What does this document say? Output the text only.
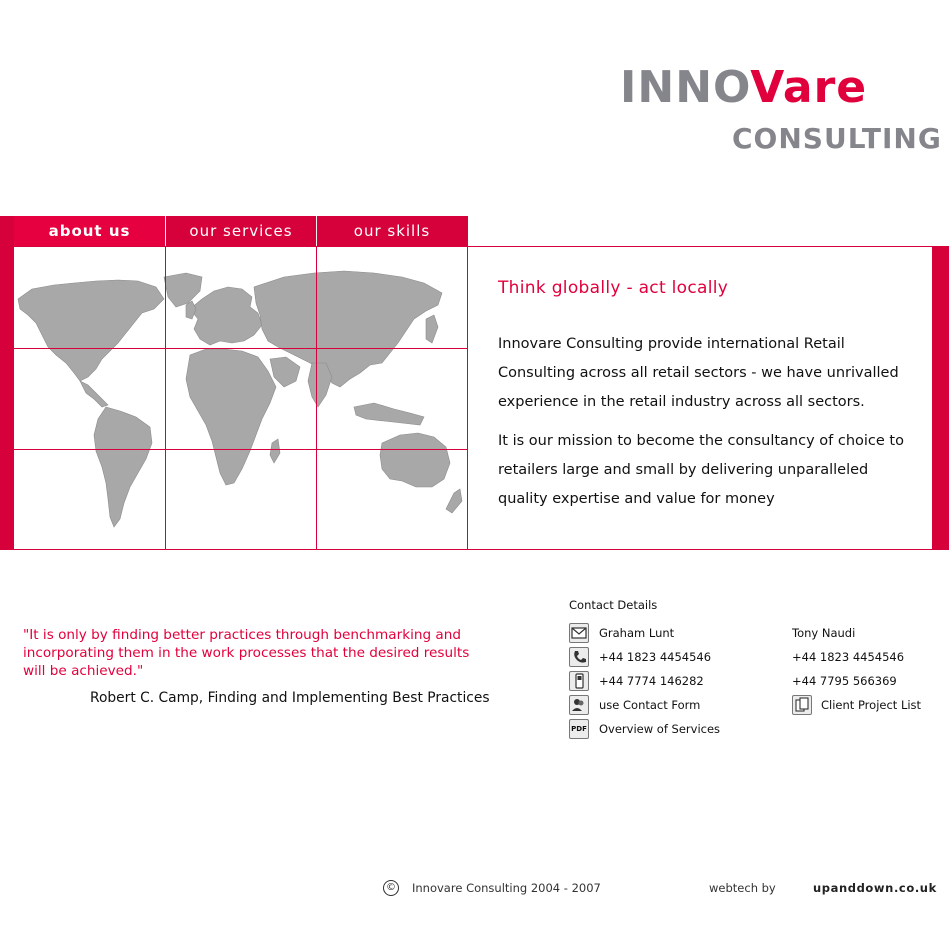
INNOVare
CONSULTING
about us	our services	our skills
Think globally - act locally
Innovare Consulting provide international Retail Consulting across all retail sectors - we have unrivalled experience in the retail industry across all sectors.
It is our mission to become the consultancy of choice to retailers large and small by delivering unparalleled quality expertise and value for money
"It is only by finding better practices through benchmarking and incorporating them in the work processes that the desired results will be achieved."
Robert C. Camp, Finding and Implementing Best Practices
Contact Details
Graham Lunt
+44 1823 4454546
+44 7774 146282
use Contact Form
PDF Overview of Services
Tony Naudi
+44 1823 4454546
+44 7795 566369
Client Project List
© Innovare Consulting 2004 - 2007	webtech by	upanddown.co.uk
